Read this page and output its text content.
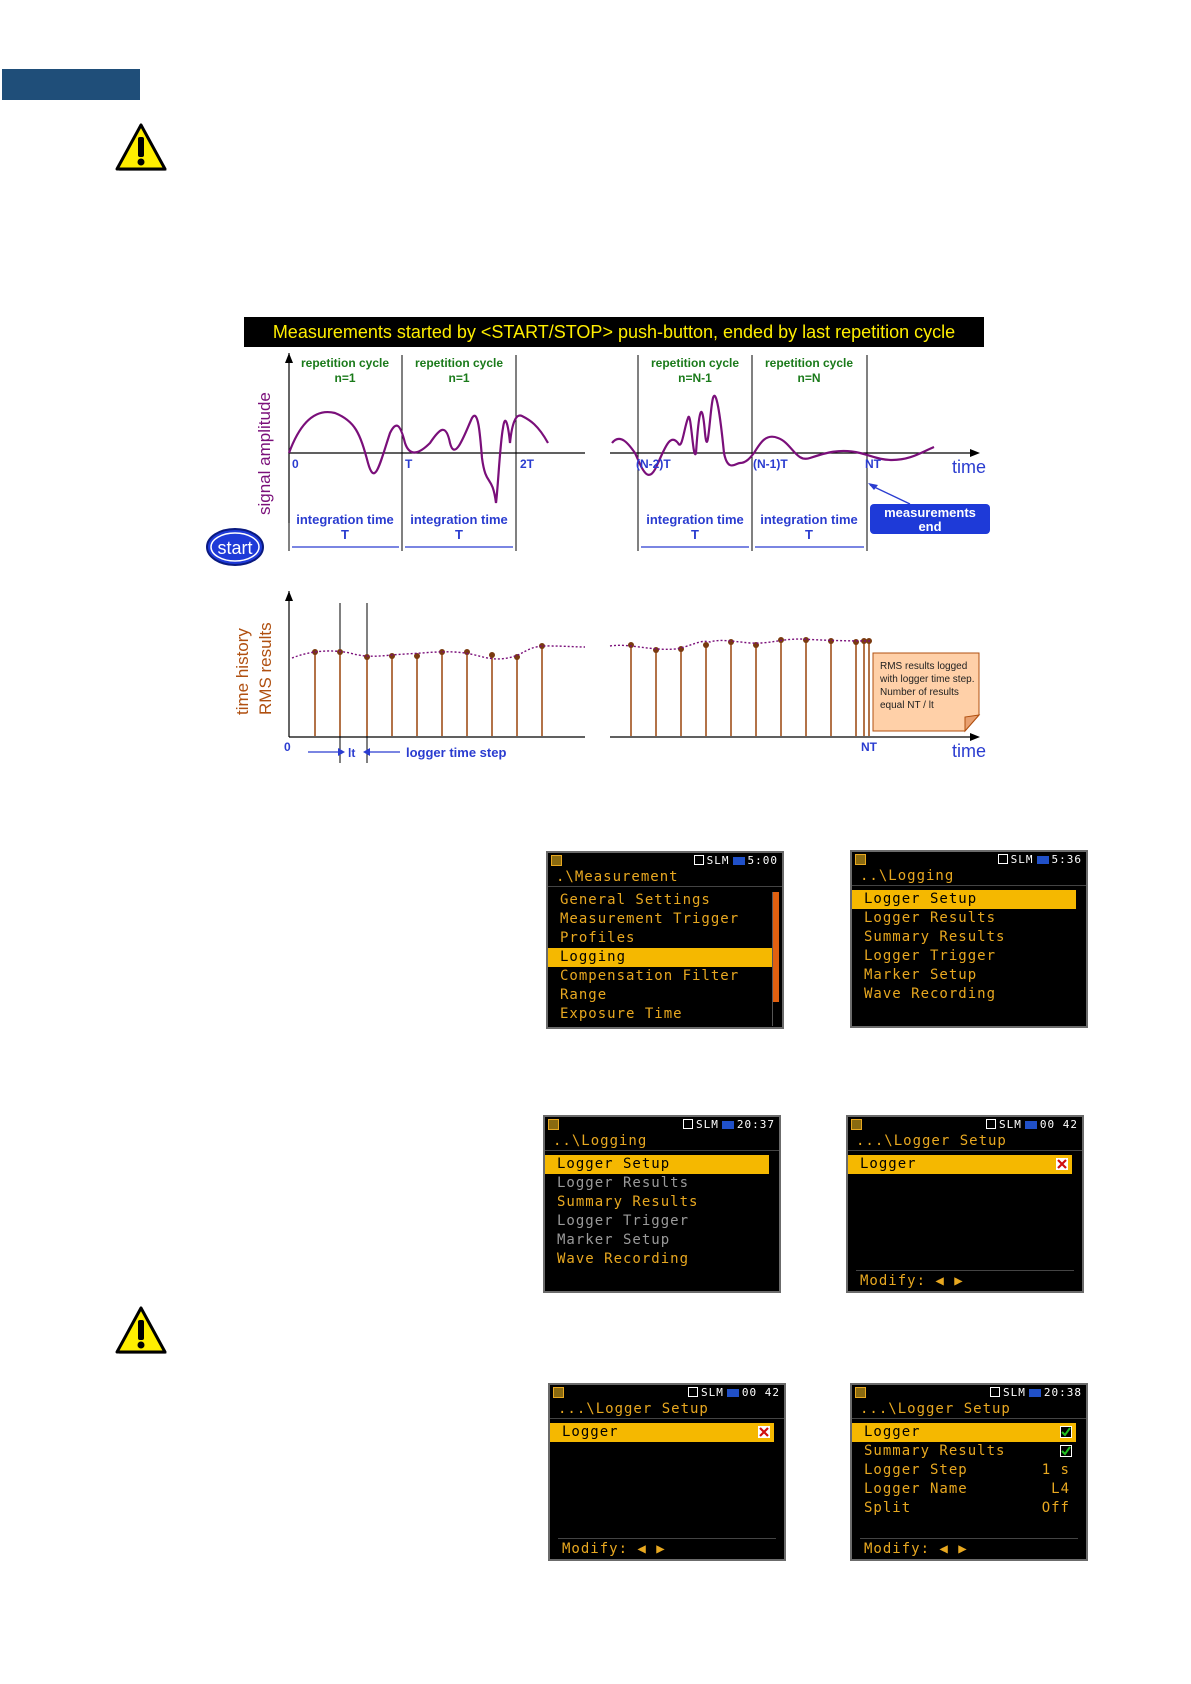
Measurements started by <START/STOP> push-button, ended by last repetition cycle
repetition cycle
n=1
repetition cycle
n=1
repetition cycle
n=N-1
repetition cycle
n=N
0	T	2T	(N-2)T	(N-1)T	NT	time
signal amplitude
integration time
T
integration time
T
integration time
T
integration time
T
start
measurements
end
time history RMS results
0	lt	logger time step	NT	time
RMS results logged
with logger time step.
Number of results
equal NT / lt
SLM 5:00
.\Measurement
General Settings
Measurement Trigger
Profiles
Logging
Compensation Filter
Range
Exposure Time
SLM 5:36
..\Logging
Logger Setup
Logger Results
Summary Results
Logger Trigger
Marker Setup
Wave Recording
SLM 20:37
..\Logging
Logger Setup
Logger Results
Summary Results
Logger Trigger
Marker Setup
Wave Recording
SLM 00 42
...\Logger Setup
Logger
Modify: ◀ ▶
SLM 00 42
...\Logger Setup
Logger
Modify: ◀ ▶
SLM 20:38
...\Logger Setup
Logger
Summary Results
Logger Step	1 s
Logger Name	L4
Split	Off
Modify: ◀ ▶
